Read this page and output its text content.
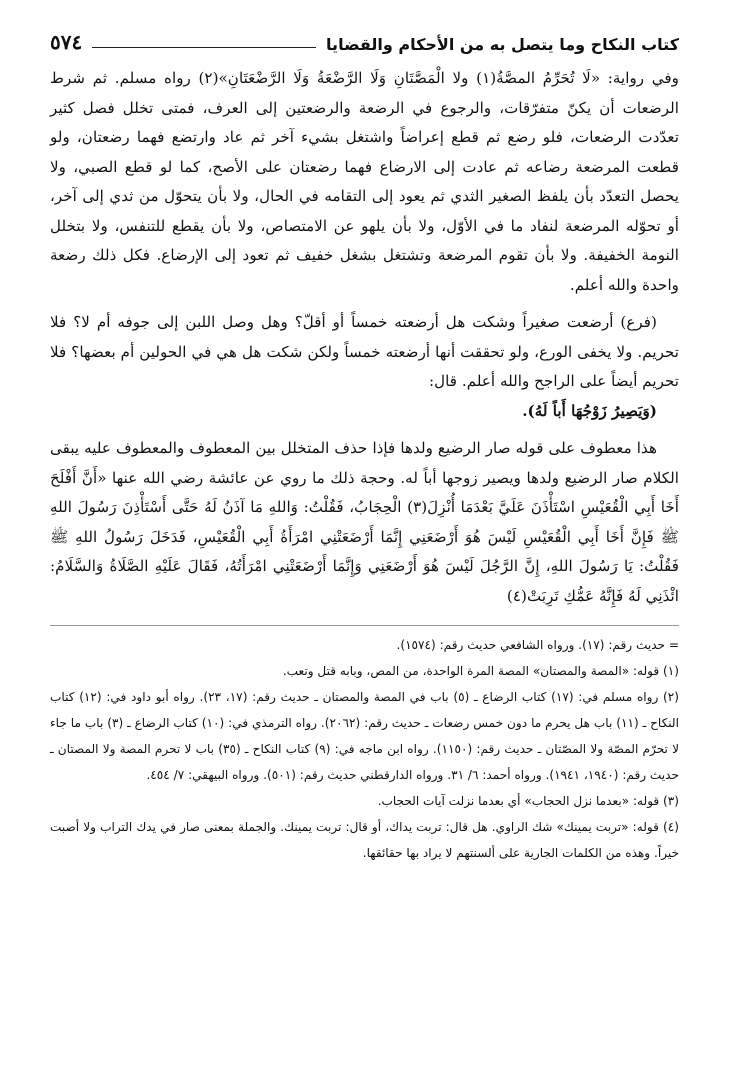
كتاب النكاح وما يتصل به من الأحكام والقضايا
٥٧٤

وفي رواية: «لَا تُحَرِّمُ المصَّةُ(١) ولا الْمَصَّتَانِ وَلَا الرَّضْعَةُ وَلَا الرَّضْعَتَانِ»(٢) رواه مسلم. ثم شرط الرضعات أن يكنّ متفرّقات، والرجوع في الرضعة والرضعتين إلى العرف، فمتى تخلل فصل كثير تعدّدت الرضعات، فلو رضع ثم قطع إعراضاً واشتغل بشيء آخر ثم عاد وارتضع فهما رضعتان، ولو قطعت المرضعة رضاعه ثم عادت إلى الارضاع فهما رضعتان على الأصح، كما لو قطع الصبي، ولا يحصل التعدّد بأن يلفظ الصغير الثدي ثم يعود إلى التقامه في الحال، ولا بأن يتحوّل من ثدي إلى آخر، أو تحوّله المرضعة لنفاد ما في الأوّل، ولا بأن يلهو عن الامتصاص، ولا بأن يقطع للتنفس، ولا بتخلل النومة الخفيفة. ولا بأن تقوم المرضعة وتشتغل بشغل خفيف ثم تعود إلى الإرضاع. فكل ذلك رضعة واحدة والله أعلم.

(فرع) أرضعت صغيراً وشكت هل أرضعته خمساً أو أقلّ؟ وهل وصل اللبن إلى جوفه أم لا؟ فلا تحريم. ولا يخفى الورع، ولو تحققت أنها أرضعته خمساً ولكن شكت هل هي في الحولين أم بعضها؟ فلا تحريم أيضاً على الراجح والله أعلم. قال:

(وَيَصِيرُ زَوْجُهَا أَباً لَهُ).

هذا معطوف على قوله صار الرضيع ولدها فإذا حذف المتخلل بين المعطوف والمعطوف عليه يبقى الكلام صار الرضيع ولدها ويصير زوجها أباً له. وحجة ذلك ما روي عن عائشة رضي الله عنها «أَنَّ أَفْلَحَ أَخَا أَبِي الْقُعَيْسِ اسْتَأْذَنَ عَلَيَّ بَعْدَمَا أُنْزِلَ(٣) الْحِجَابُ، فَقُلْتُ: وَاللهِ مَا آذَنُ لَهُ حَتَّى أَسْتَأْذِنَ رَسُولَ اللهِ ﷺ فَإِنَّ أَخَا أَبِي الْقُعَيْسِ لَيْسَ هُوَ أَرْضَعَنِي إِنَّمَا أَرْضَعَتْنِي امْرَأَةُ أَبِي الْقُعَيْسِ، فَدَخَلَ رَسُولُ اللهِ ﷺ فَقُلْتُ: يَا رَسُولَ اللهِ، إِنَّ الرَّجُلَ لَيْسَ هُوَ أَرْضَعَنِي وَإِنَّمَا أَرْضَعَتْنِي امْرَأَتُهُ، فَقَالَ عَلَيْهِ الصَّلَاةُ وَالسَّلَامُ: ائْذَنِي لَهُ فَإِنَّهُ عَمُّكِ تَرِبَتْ(٤)

= حديث رقم: (١٧). ورواه الشافعي حديث رقم: (١٥٧٤).

(١) قوله: «المصة والمصتان» المصة المرة الواحدة، من المص، وبابه قتل وتعب.

(٢) رواه مسلم في: (١٧) كتاب الرضاع ـ (٥) باب في المصة والمصتان ـ حديث رقم: (١٧، ٢٣). رواه أبو داود في: (١٢) كتاب النكاح ـ (١١) باب هل يحرم ما دون خمس رضعات ـ حديث رقم: (٢٠٦٢). رواه الترمذي في: (١٠) كتاب الرضاع ـ (٣) باب ما جاء لا تحرّم المصّة ولا المصّتان ـ حديث رقم: (١١٥٠). رواه ابن ماجه في: (٩) كتاب النكاح ـ (٣٥) باب لا تحرم المصة ولا المصتان ـ حديث رقم: (١٩٤٠، ١٩٤١). ورواه أحمد: ٦/ ٣١. ورواه الدارقطني حديث رقم: (٥٠١). ورواه البيهقي: ٧/ ٤٥٤.

(٣) قوله: «بعدما نزل الحجاب» أي بعدما نزلت آيات الحجاب.

(٤) قوله: «تربت يمينك» شك الراوي. هل قال: تربت يداك، أو قال: تربت يمينك. والجملة بمعنى صار في يدك التراب ولا أصبت خيراً. وهذه من الكلمات الجارية على ألسنتهم لا يراد بها حقائقها.
